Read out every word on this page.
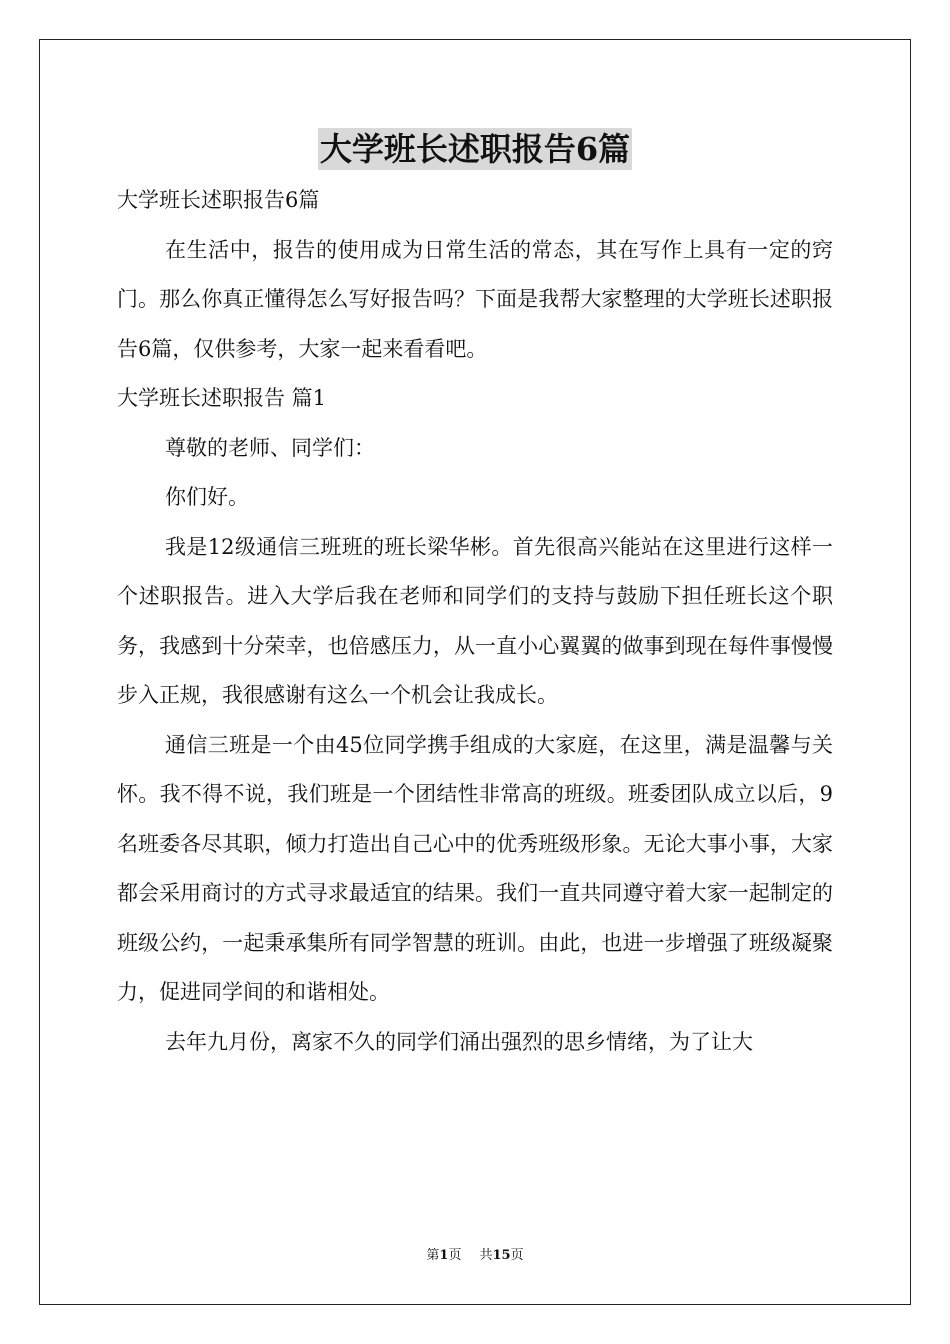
大学班长述职报告6篇

大学班长述职报告6篇

在生活中，报告的使用成为日常生活的常态，其在写作上具有一定的窍门。那么你真正懂得怎么写好报告吗？下面是我帮大家整理的大学班长述职报告6篇，仅供参考，大家一起来看看吧。

大学班长述职报告 篇1

尊敬的老师、同学们：

你们好。

我是12级通信三班班的班长梁华彬。首先很高兴能站在这里进行这样一个述职报告。进入大学后我在老师和同学们的支持与鼓励下担任班长这个职务，我感到十分荣幸，也倍感压力，从一直小心翼翼的做事到现在每件事慢慢步入正规，我很感谢有这么一个机会让我成长。

通信三班是一个由45位同学携手组成的大家庭，在这里，满是温馨与关怀。我不得不说，我们班是一个团结性非常高的班级。班委团队成立以后，9名班委各尽其职，倾力打造出自己心中的优秀班级形象。无论大事小事，大家都会采用商讨的方式寻求最适宜的结果。我们一直共同遵守着大家一起制定的班级公约，一起秉承集所有同学智慧的班训。由此，也进一步增强了班级凝聚力，促进同学间的和谐相处。

去年九月份，离家不久的同学们涌出强烈的思乡情绪，为了让大

第1页 共15页
